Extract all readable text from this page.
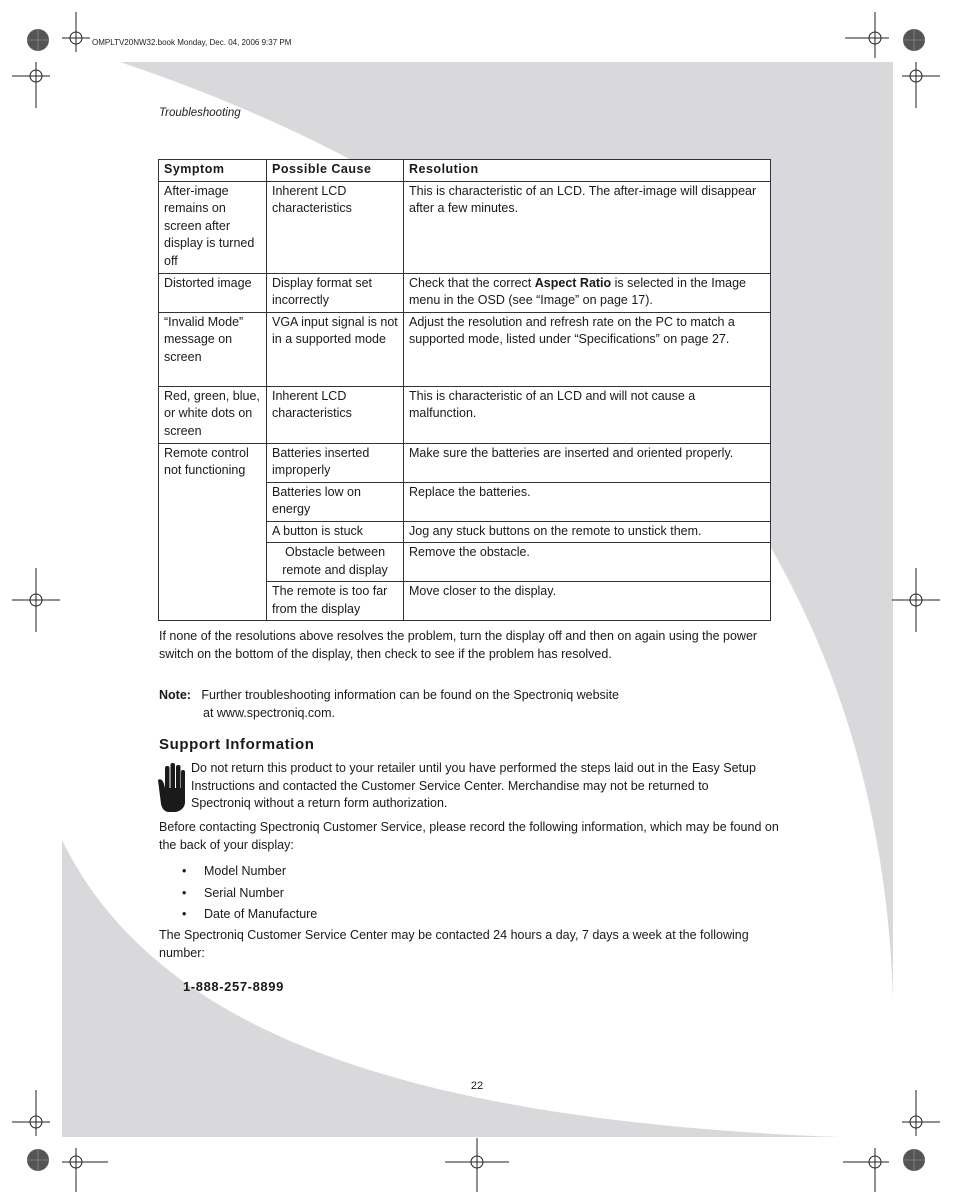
OMPLTV20NW32.book Monday, Dec. 04, 2006 9:37 PM
Troubleshooting
Symptom	Possible Cause	Resolution
After-image remains on screen after display is turned off	Inherent LCD characteristics	This is characteristic of an LCD. The after-image will disappear after a few minutes.
Distorted image	Display format set incorrectly	Check that the correct Aspect Ratio is selected in the Image menu in the OSD (see “Image” on page 17).
“Invalid Mode” message on screen	VGA input signal is not in a supported mode	Adjust the resolution and refresh rate on the PC to match a supported mode, listed under “Specifications” on page 27.
Red, green, blue, or white dots on screen	Inherent LCD characteristics	This is characteristic of an LCD and will not cause a malfunction.
Remote control not functioning	Batteries inserted improperly	Make sure the batteries are inserted and oriented properly.
	Batteries low on energy	Replace the batteries.
	A button is stuck	Jog any stuck buttons on the remote to unstick them.
	Obstacle between remote and display	Remove the obstacle.
	The remote is too far from the display	Move closer to the display.
If none of the resolutions above resolves the problem, turn the display off and then on again using the power switch on the bottom of the display, then check to see if the problem has resolved.
Note: Further troubleshooting information can be found on the Spectroniq website
at www.spectroniq.com.
Support Information
Do not return this product to your retailer until you have performed the steps laid out in the Easy Setup Instructions and contacted the Customer Service Center. Merchandise may not be returned to Spectroniq without a return form authorization.
Before contacting Spectroniq Customer Service, please record the following information, which may be found on the back of your display:
• Model Number
• Serial Number
• Date of Manufacture
The Spectroniq Customer Service Center may be contacted 24 hours a day, 7 days a week at the following number:
1-888-257-8899
22
